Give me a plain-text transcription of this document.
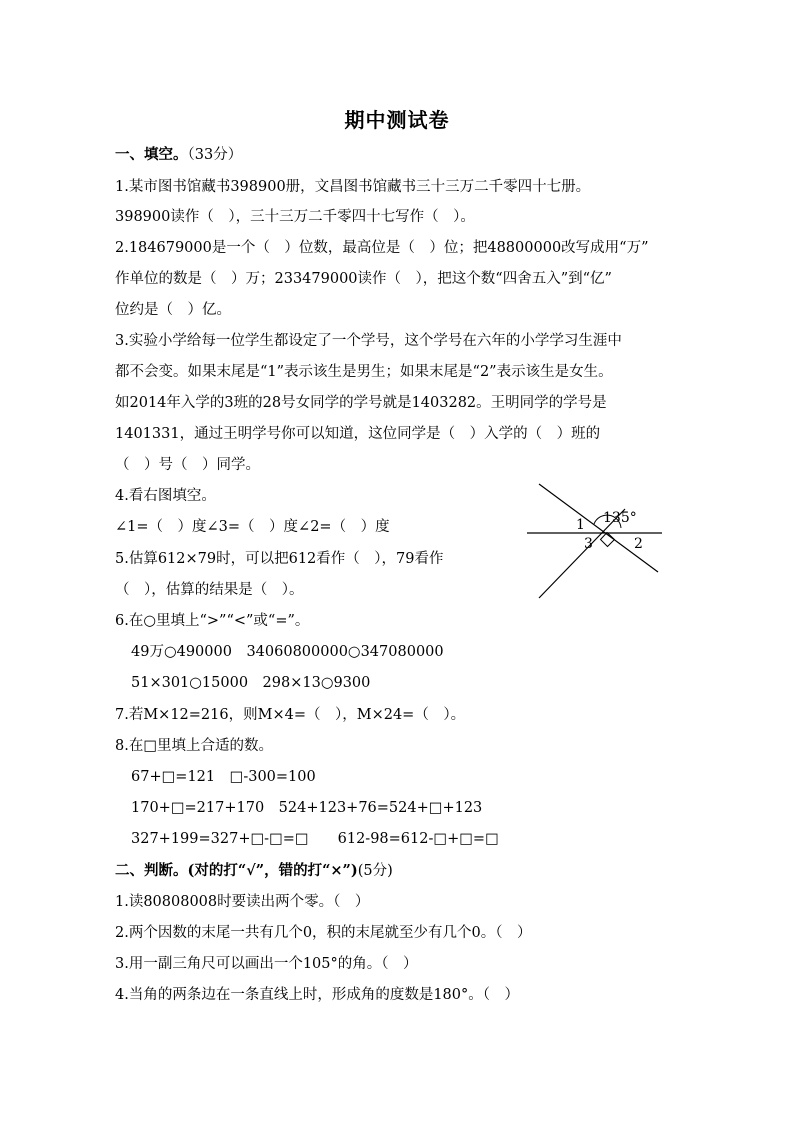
期中测试卷
一、填空。（33分）
1.某市图书馆藏书398900册，文昌图书馆藏书三十三万二千零四十七册。
398900读作（　），三十三万二千零四十七写作（　）。
2.184679000是一个（　）位数，最高位是（　）位；把48800000改写成用“万”
作单位的数是（　）万；233479000读作（　），把这个数“四舍五入”到“亿”
位约是（　）亿。
3.实验小学给每一位学生都设定了一个学号，这个学号在六年的小学学习生涯中
都不会变。如果末尾是“1”表示该生是男生；如果末尾是“2”表示该生是女生。
如2014年入学的3班的28号女同学的学号就是1403282。王明同学的学号是
1401331，通过王明学号你可以知道，这位同学是（　）入学的（　）班的
（　）号（　）同学。
4.看右图填空。
∠1=（　）度∠3=（　）度∠2=（　）度
5.估算612×79时，可以把612看作（　），79看作
（　），估算的结果是（　）。
6.在○里填上“>”“<”或“=”。
49万○490000　34060800000○347080000
51×301○15000　298×13○9300
7.若M×12=216，则M×4=（　），M×24=（　）。
8.在□里填上合适的数。
67+□=121　□-300=100
170+□=217+170　524+123+76=524+□+123
327+199=327+□-□=□　　612-98=612-□+□=□
二、判断。(对的打“√”，错的打“×”)(5分)
1.读80808008时要读出两个零。（　）
2.两个因数的末尾一共有几个0，积的末尾就至少有几个0。（　）
3.用一副三角尺可以画出一个105°的角。（　）
4.当角的两条边在一条直线上时，形成角的度数是180°。（　）
135°
1
2
3
